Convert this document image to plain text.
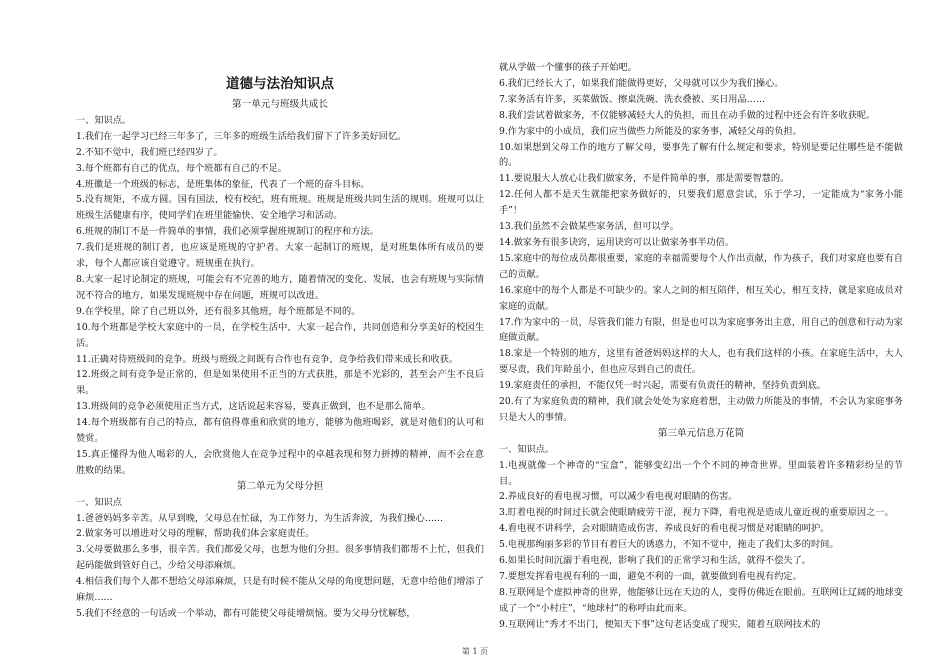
道德与法治知识点
第一单元与班级共成长
一、知识点。

1.我们在一起学习已经三年多了，三年多的班级生活给我们留下了许多美好回忆。

2.不知不觉中，我们班已经四岁了。

3.每个班都有自己的优点，每个班都有自己的不足。

4.班徽是一个班级的标志，是班集体的象征，代表了一个班的奋斗目标。

5.没有规矩，不成方圆。国有国法，校有校纪，班有班规。班规是班级共同生活的规则。班规可以让班级生活健康有序，使同学们在班里能愉快、安全地学习和活动。

6.班规的制订不是一件简单的事情，我们必须掌握班规制订的程序和方法。

7.我们是班规的制订者，也应该是班规的守护者。大家一起制订的班规，是对班集体所有成员的要求，每个人都应该自觉遵守。班规重在执行。

8.大家一起讨论制定的班规，可能会有不完善的地方，随着情况的变化、发展，也会有班规与实际情况不符合的地方，如果发现班规中存在问题，班规可以改进。

9.在学校里，除了自己班以外，还有很多其他班，每个班都是不同的。

10.每个班都是学校大家庭中的一员，在学校生活中，大家一起合作，共同创造和分享美好的校园生活。

11.正确对待班级间的竞争。班级与班级之间既有合作也有竞争，竞争给我们带来成长和收获。

12.班级之间有竞争是正常的，但是如果使用不正当的方式获胜，那是不光彩的，甚至会产生不良后果。

13.班级间的竞争必须使用正当方式，这话说起来容易，要真正做到，也不是那么简单。

14.每个班级都有自己的特点，都有值得尊重和欣赏的地方，能够为他班喝彩，就是对他们的认可和赞赏。

15.真正懂得为他人喝彩的人，会欣赏他人在竞争过程中的卓越表现和努力拼搏的精神，而不会在意胜败的结果。

第二单元为父母分担
一、知识点

1.爸爸妈妈多辛苦。从早到晚，父母总在忙碌，为工作努力，为生活奔波，为我们操心……

2.做家务可以增进对父母的理解，帮助我们体会家庭责任。

3.父母要做那么多事，很辛苦。我们都爱父母，也想为他们分担。很多事情我们都帮不上忙，但我们起码能做到管好自己，少给父母添麻烦。

4.相信我们每个人都不想给父母添麻烦，只是有时候不能从父母的角度想问题，无意中给他们增添了麻烦……

5.我们不经意的一句话或一个举动，都有可能使父母徒增烦恼。要为父母分忧解愁，

就从学做一个懂事的孩子开始吧。

6.我们已经长大了，如果我们能做得更好，父母就可以少为我们操心。

7.家务活有许多，买菜做饭、擦桌洗碗、洗衣叠被、买日用品……

8.我们尝试着做家务，不仅能够减轻大人的负担，而且在动手做的过程中还会有许多收获呢。

9.作为家中的小成员，我们应当做些力所能及的家务事，减轻父母的负担。

10.如果想到父母工作的地方了解父母，要事先了解有什么规定和要求，特别是要记住哪些是不能做的。

11.要说服大人放心让我们做家务，不是件简单的事，那是需要智慧的。

12.任何人都不是天生就能把家务做好的，只要我们愿意尝试，乐于学习，一定能成为“家务小能手”！

13.我们虽然不会做某些家务活，但可以学。

14.做家务有很多诀窍，运用诀窍可以让做家务事半功倍。

15.家庭中的每位成员都很重要，家庭的幸福需要每个人作出贡献，作为孩子，我们对家庭也要有自己的贡献。

16.家庭中的每个人都是不可缺少的。家人之间的相互陪伴，相互关心，相互支持，就是家庭成员对家庭的贡献。

17.作为家中的一员，尽管我们能力有限，但是也可以为家庭事务出主意，用自己的创意和行动为家庭做贡献。

18.家是一个特别的地方，这里有爸爸妈妈这样的大人，也有我们这样的小孩。在家庭生活中，大人要尽责，我们年龄虽小，但也应尽到自己的责任。

19.家庭责任的承担，不能仅凭一时兴起，需要有负责任的精神，坚持负责到底。

20.有了为家庭负责的精神，我们就会处处为家庭着想，主动做力所能及的事情，不会认为家庭事务只是大人的事情。

第三单元信息万花筒
一、知识点。

1.电视就像一个神奇的“宝盒”，能够变幻出一个个不同的神奇世界。里面装着许多精彩纷呈的节目。

2.养成良好的看电视习惯，可以减少看电视对眼睛的伤害。

3.盯着电视的时间过长就会使眼睛疲劳干涩，视力下降，看电视是造成儿童近视的重要原因之一。

4.看电视不讲科学，会对眼睛造成伤害，养成良好的看电视习惯是对眼睛的呵护。

5.电视那绚丽多彩的节目有着巨大的诱惑力，不知不觉中，拖走了我们太多的时间。

6.如果长时间沉溺于看电视，影响了我们的正常学习和生活，就得不偿失了。

7.要想发挥看电视有利的一面，避免不利的一面，就要做到看电视有约定。

8.互联网是个虚拟神奇的世界，他能够让远在天边的人，变得仿佛近在眼前。互联网让辽阔的地球变成了一个“小村庄”，“地球村”的称呼由此而来。

9.互联网让“秀才不出门，便知天下事”这句老话变成了现实，随着互联网技术的

第 1 页
